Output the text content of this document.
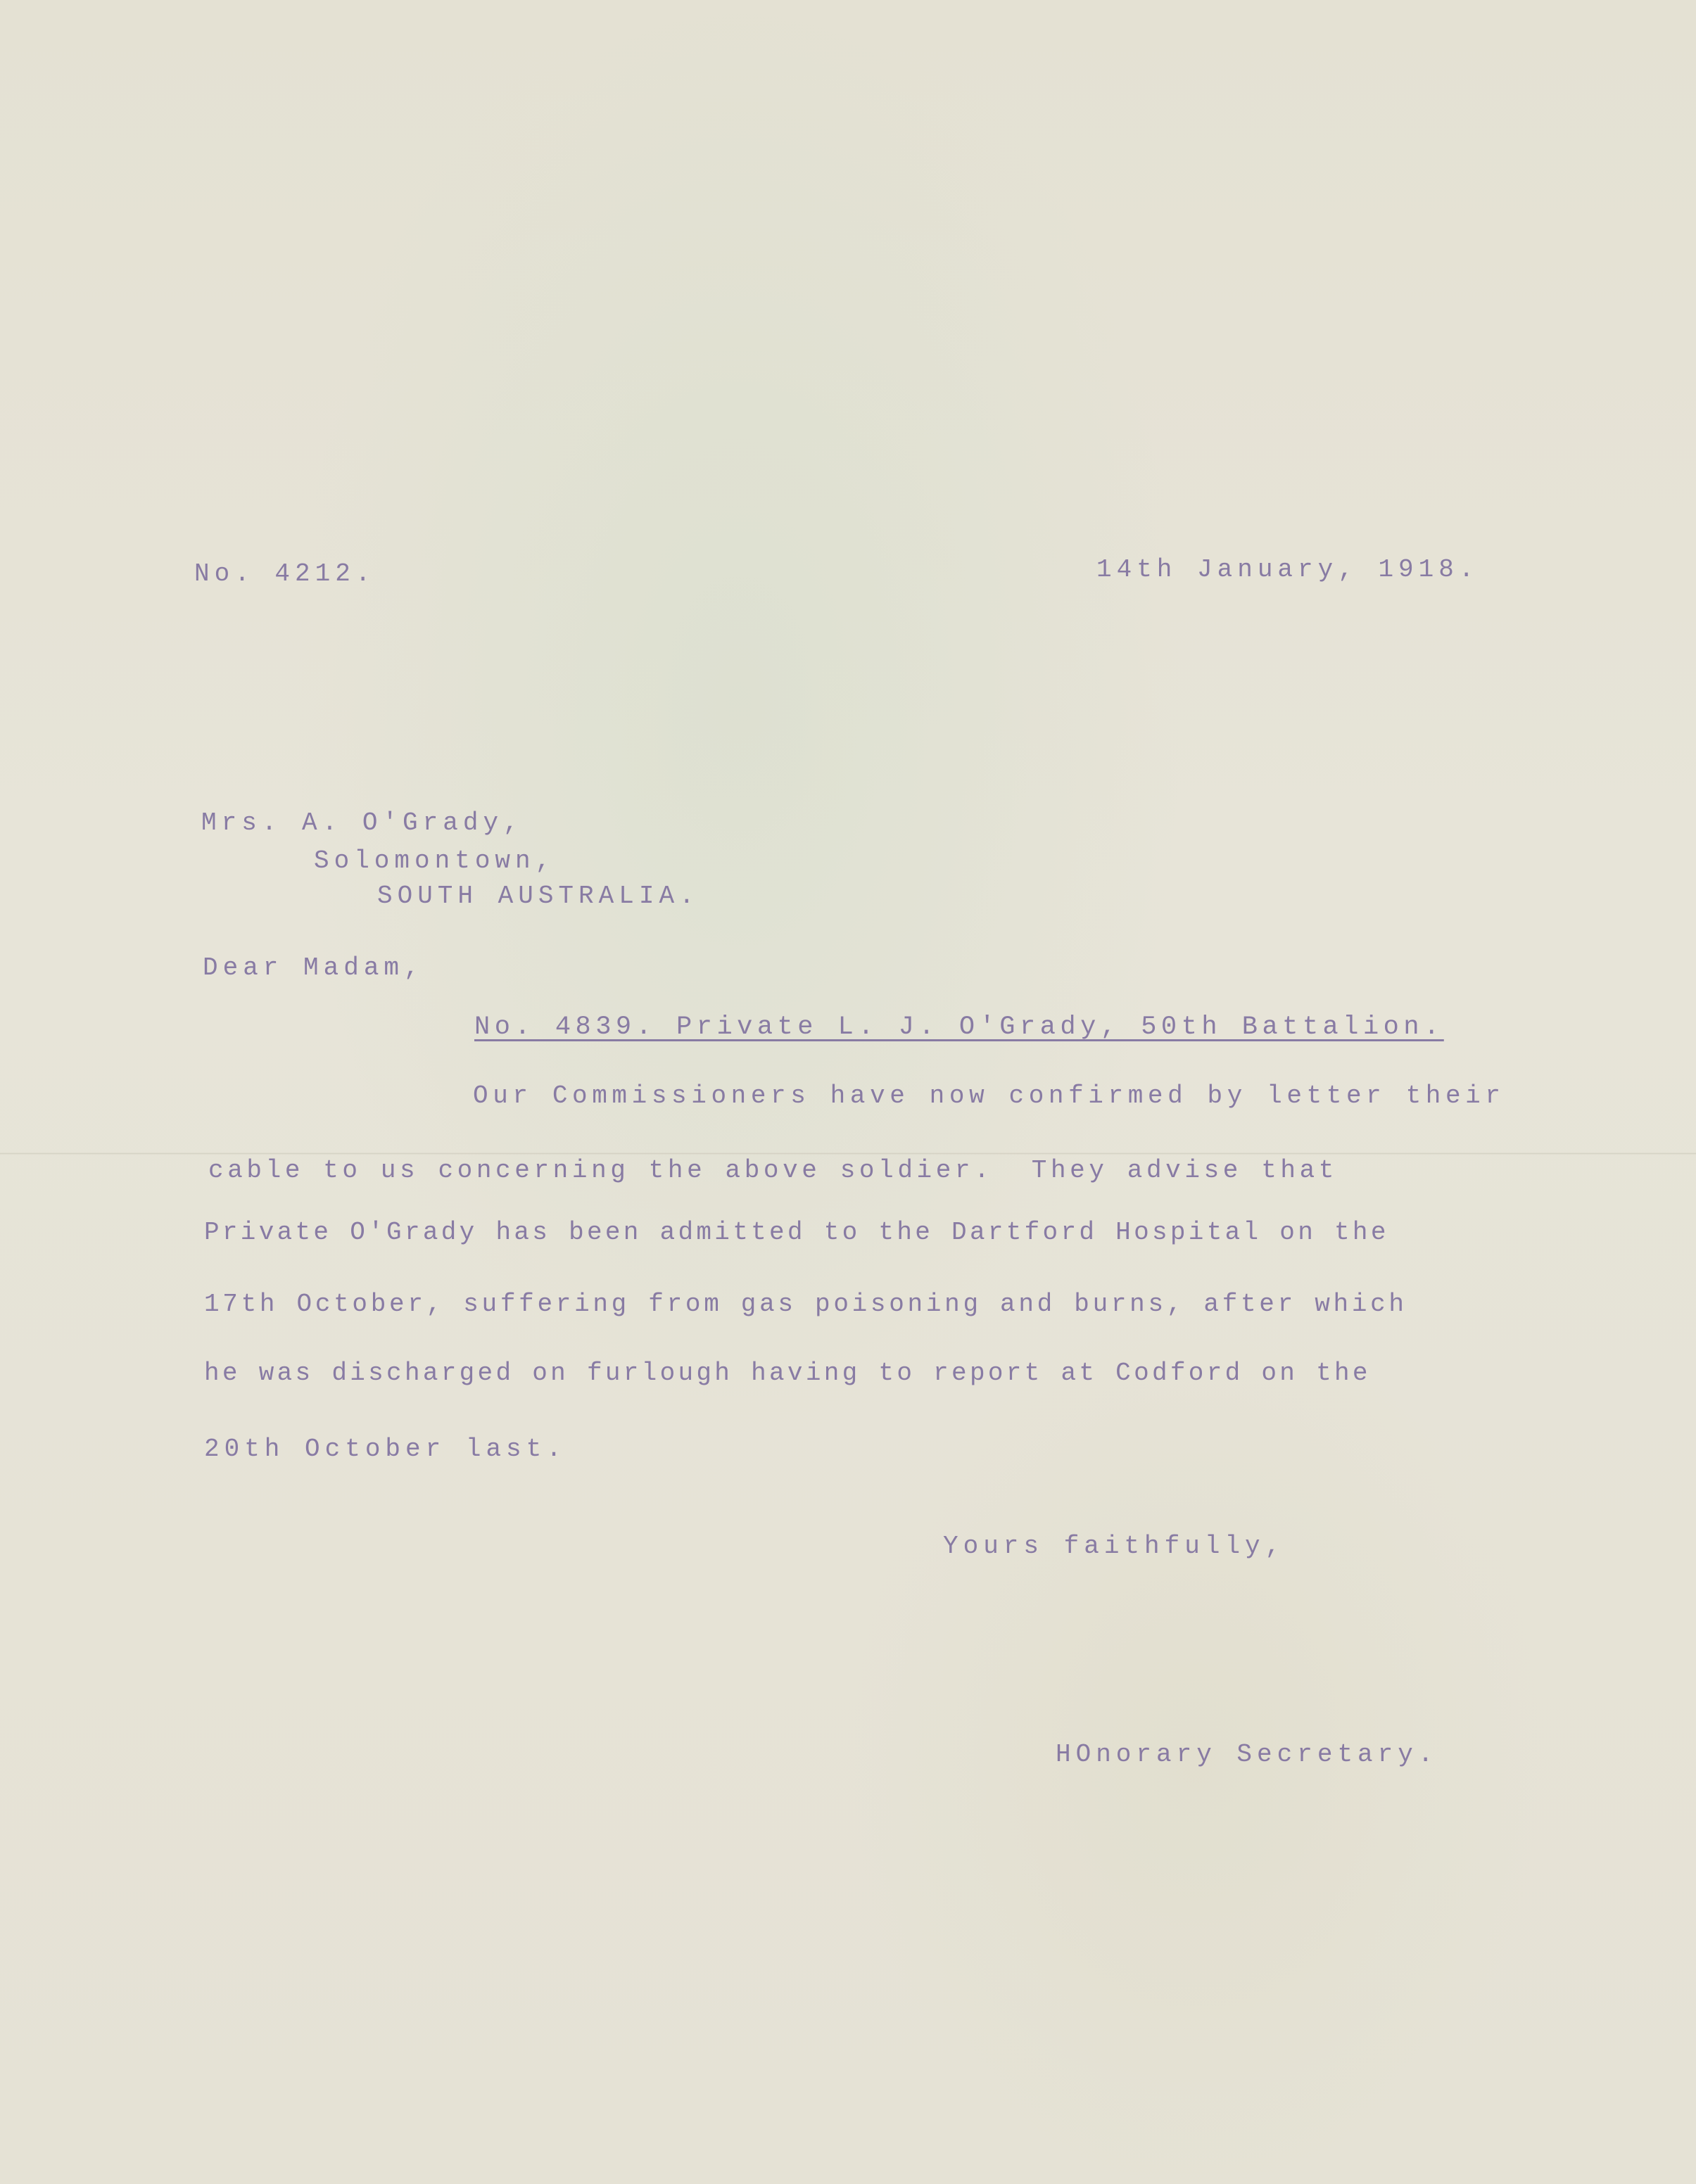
No. 4212.	14th January, 1918.
Mrs. A. O'Grady,
Solomontown,
SOUTH AUSTRALIA.
Dear Madam,
No. 4839. Private L. J. O'Grady, 50th Battalion.
Our Commissioners have now confirmed by letter their
cable to us concerning the above soldier.  They advise that
Private O'Grady has been admitted to the Dartford Hospital on the
17th October, suffering from gas poisoning and burns, after which
he was discharged on furlough having to report at Codford on the
20th October last.
Yours faithfully,
HOnorary Secretary.
